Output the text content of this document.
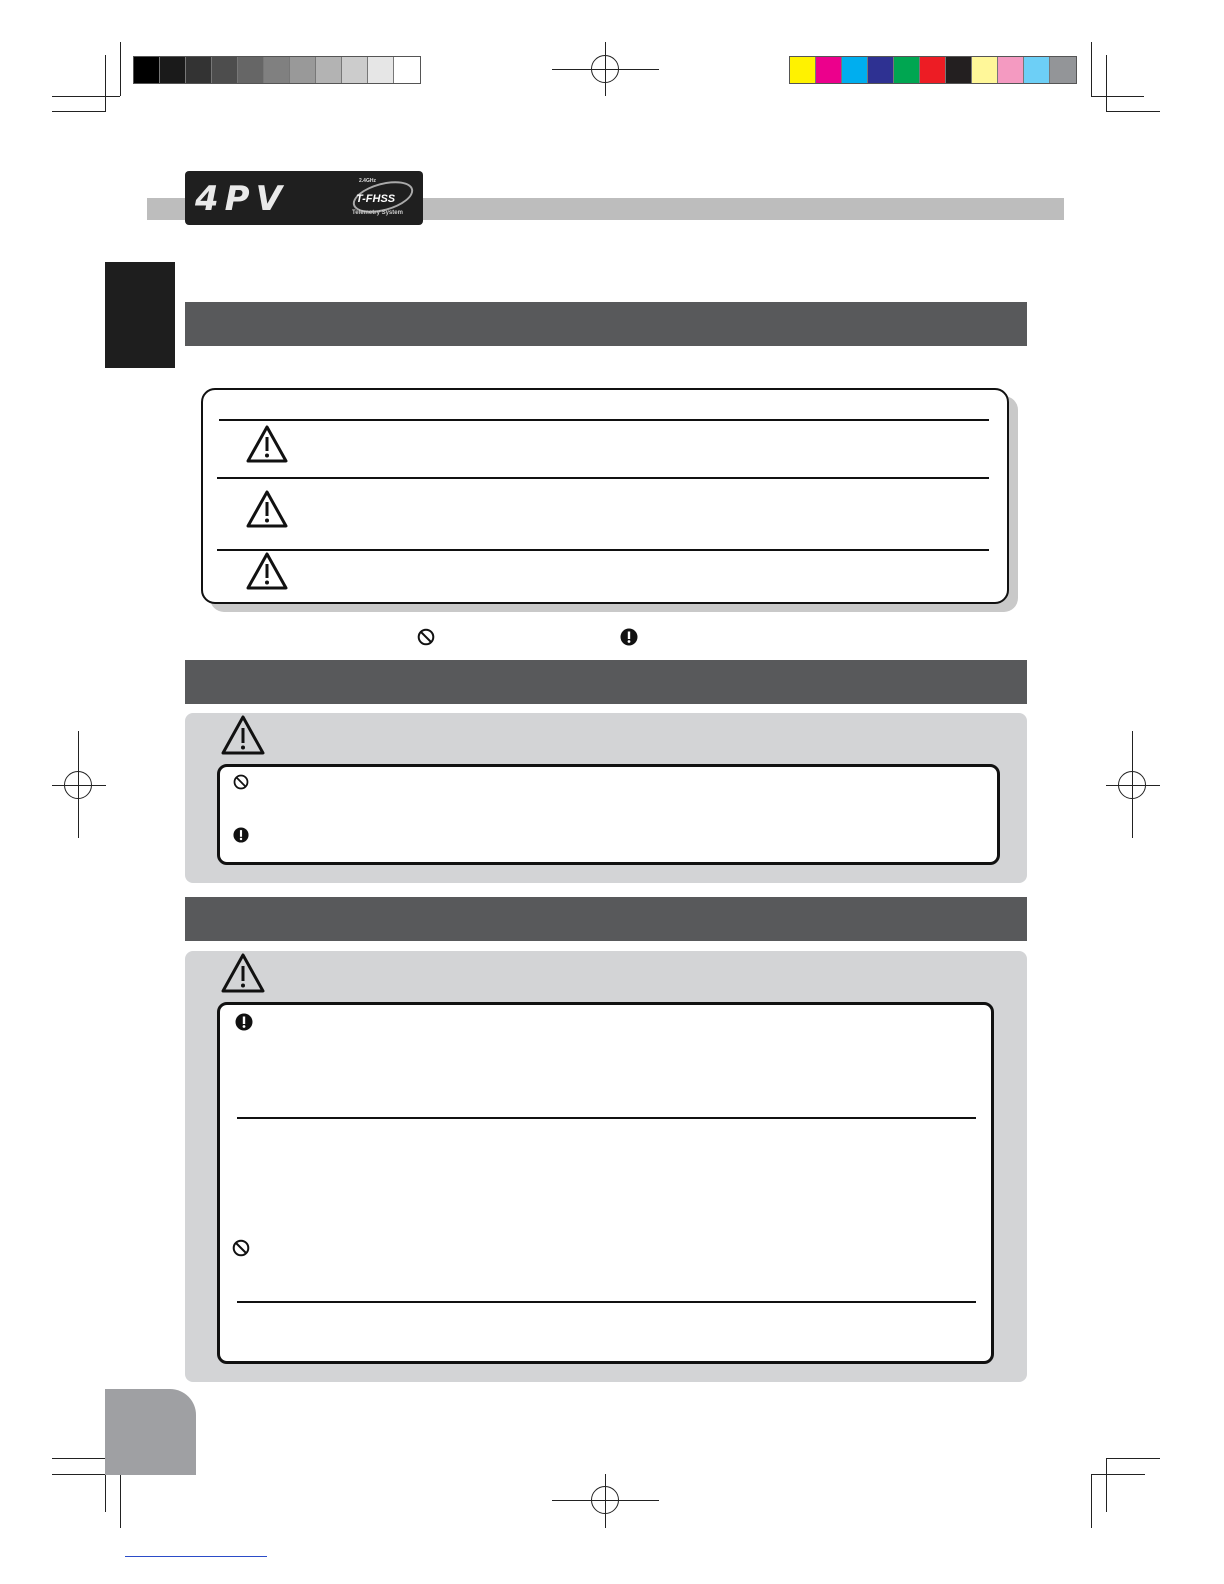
4PV	2.4GHz
T-FHSS
Telemetry System
